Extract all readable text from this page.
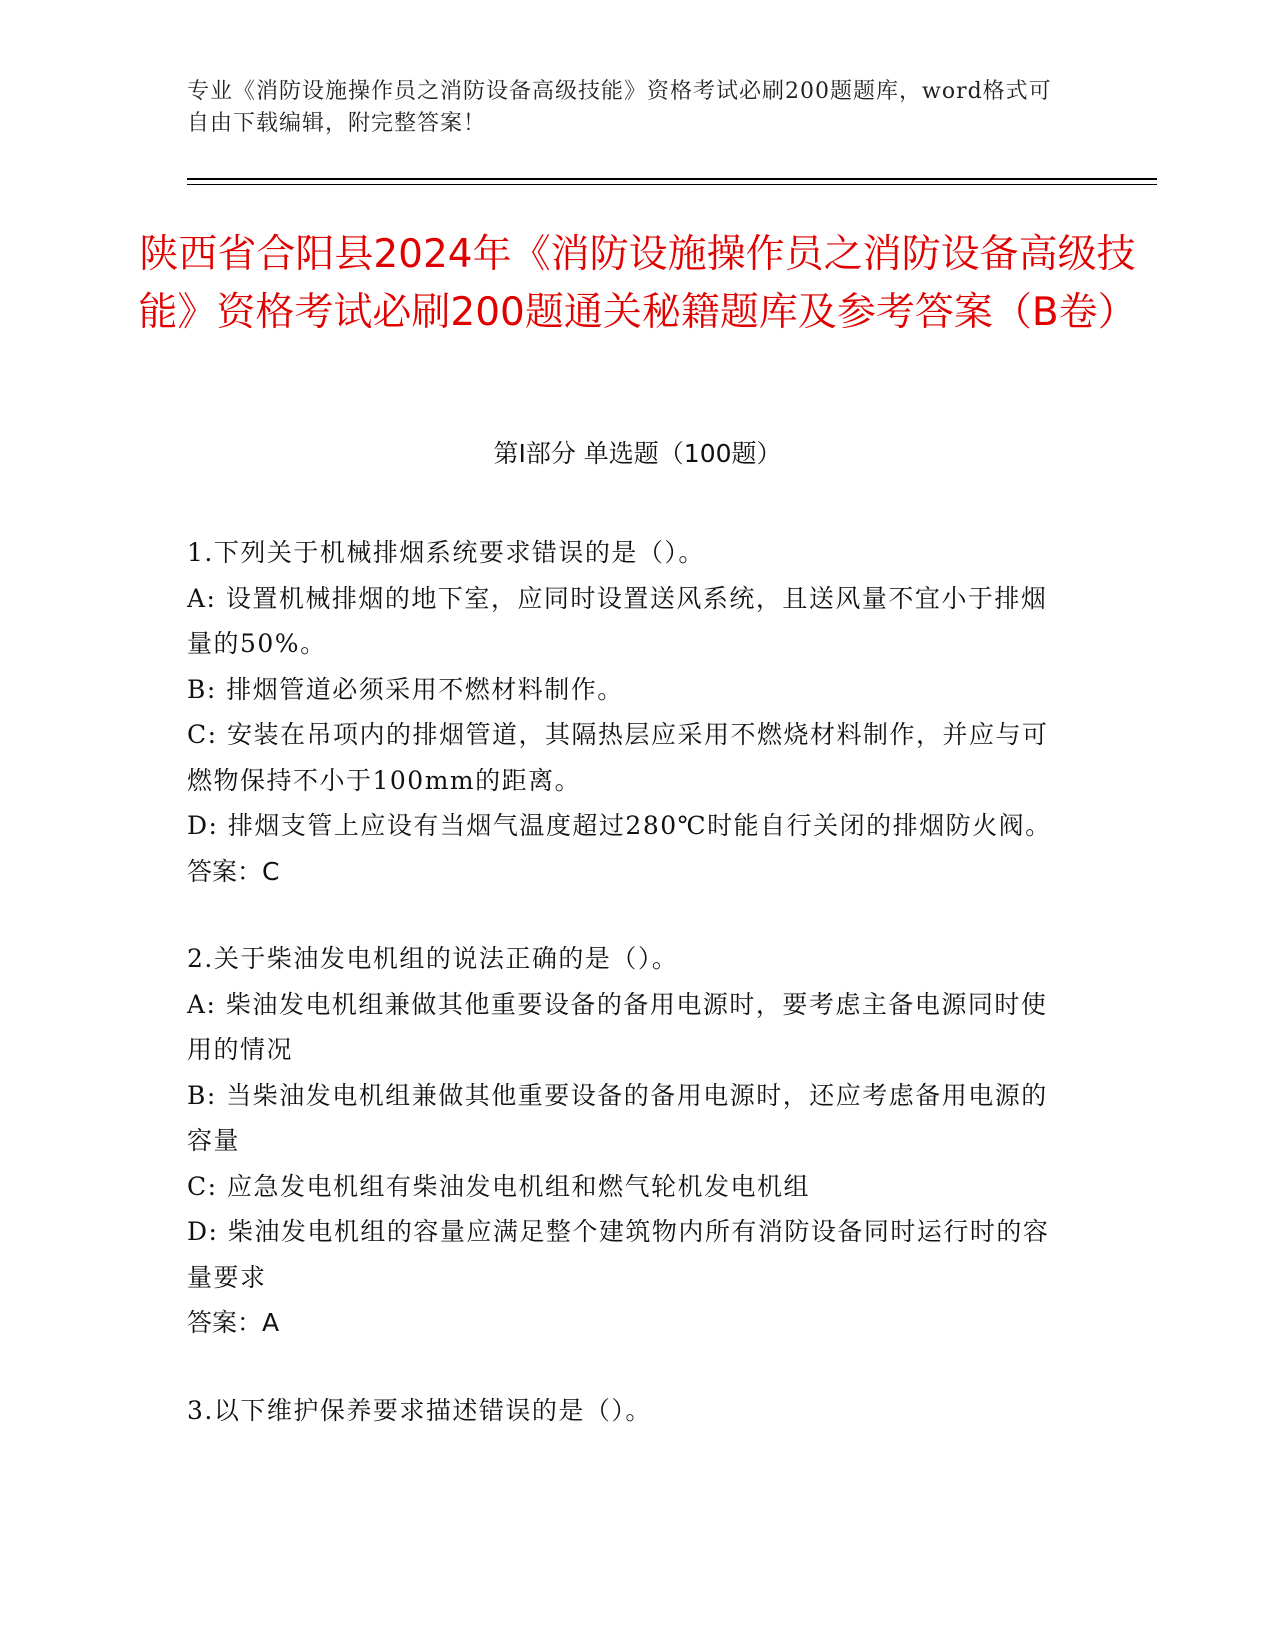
专业《消防设施操作员之消防设备高级技能》资格考试必刷200题题库，word格式可自由下载编辑，附完整答案！
陕西省合阳县2024年《消防设施操作员之消防设备高级技能》资格考试必刷200题通关秘籍题库及参考答案（B卷）
第Ⅰ部分 单选题（100题）

1.下列关于机械排烟系统要求错误的是（）。

A: 设置机械排烟的地下室，应同时设置送风系统，且送风量不宜小于排烟量的50%。

B: 排烟管道必须采用不燃材料制作。

C: 安装在吊项内的排烟管道，其隔热层应采用不燃烧材料制作，并应与可燃物保持不小于100mm的距离。

D: 排烟支管上应设有当烟气温度超过280℃时能自行关闭的排烟防火阀。

答案：C

2.关于柴油发电机组的说法正确的是（）。

A: 柴油发电机组兼做其他重要设备的备用电源时，要考虑主备电源同时使用的情况

B: 当柴油发电机组兼做其他重要设备的备用电源时，还应考虑备用电源的容量

C: 应急发电机组有柴油发电机组和燃气轮机发电机组

D: 柴油发电机组的容量应满足整个建筑物内所有消防设备同时运行时的容量要求

答案：A

3.以下维护保养要求描述错误的是（）。
